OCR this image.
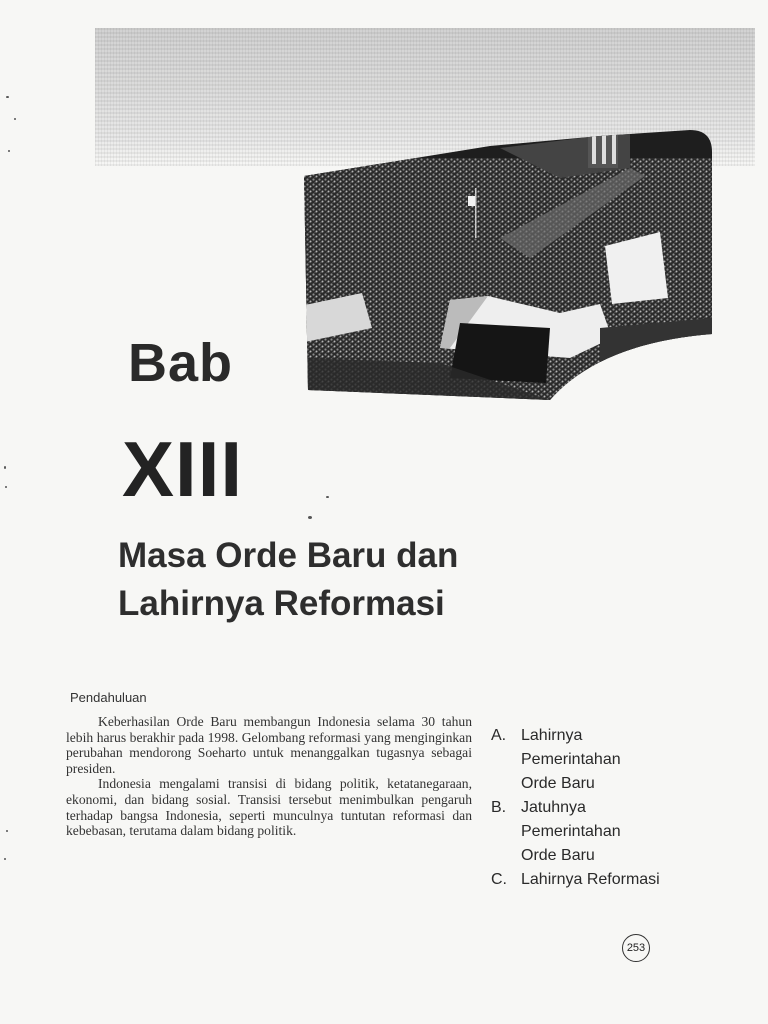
Bab
XIII
Masa Orde Baru dan
Lahirnya Reformasi
Pendahuluan

Keberhasilan Orde Baru membangun Indonesia selama 30 tahun lebih harus berakhir pada 1998. Gelombang reformasi yang menginginkan perubahan mendorong Soeharto untuk menanggalkan tugasnya sebagai presiden.

Indonesia mengalami transisi di bidang politik, ketatanegaraan, ekonomi, dan bidang sosial. Transisi tersebut menimbulkan pengaruh terhadap bangsa Indonesia, seperti munculnya tuntutan reformasi dan kebebasan, terutama dalam bidang politik.

A. Lahirnya
Pemerintahan
Orde Baru
B. Jatuhnya
Pemerintahan
Orde Baru
C. Lahirnya Reformasi
253
